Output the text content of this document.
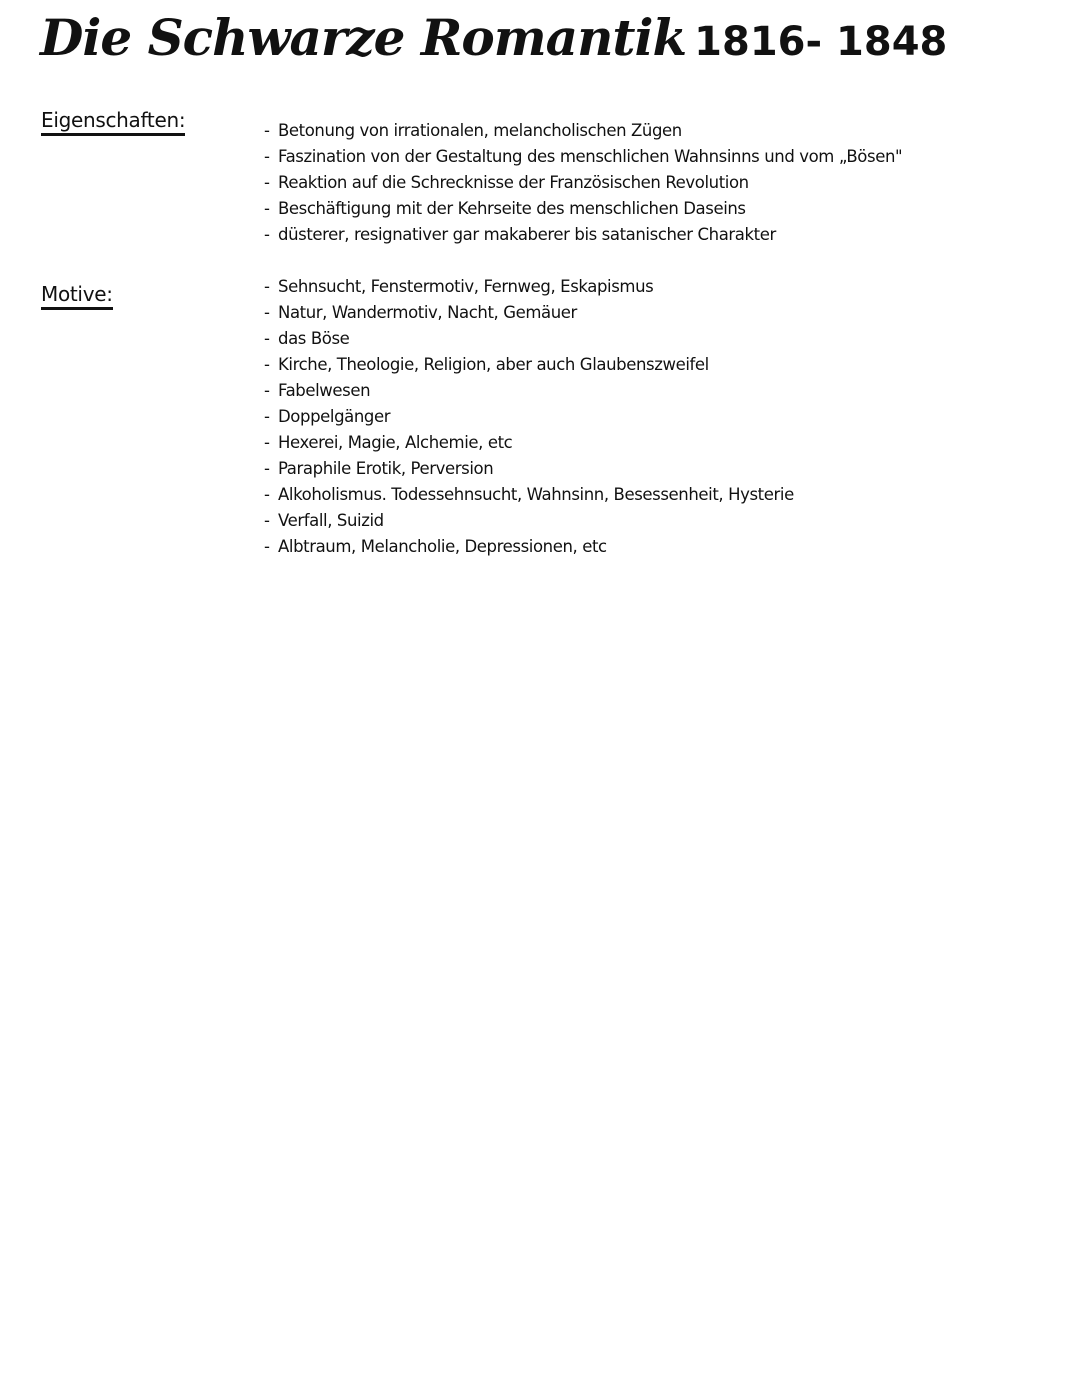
Die Schwarze Romantik 1816- 1848
Eigenschaften:	- Betonung von irrationalen, melancholischen Zügen
- Faszination von der Gestaltung des menschlichen Wahnsinns und vom „Bösen"
- Reaktion auf die Schrecknisse der Französischen Revolution
- Beschäftigung mit der Kehrseite des menschlichen Daseins
- düsterer, resignativer gar makaberer bis satanischer Charakter
Motive:	- Sehnsucht, Fenstermotiv, Fernweg, Eskapismus
- Natur, Wandermotiv, Nacht, Gemäuer
- das Böse
- Kirche, Theologie, Religion, aber auch Glaubenszweifel
- Fabelwesen
- Doppelgänger
- Hexerei, Magie, Alchemie, etc
- Paraphile Erotik, Perversion
- Alkoholismus. Todessehnsucht, Wahnsinn, Besessenheit, Hysterie
- Verfall, Suizid
- Albtraum, Melancholie, Depressionen, etc
